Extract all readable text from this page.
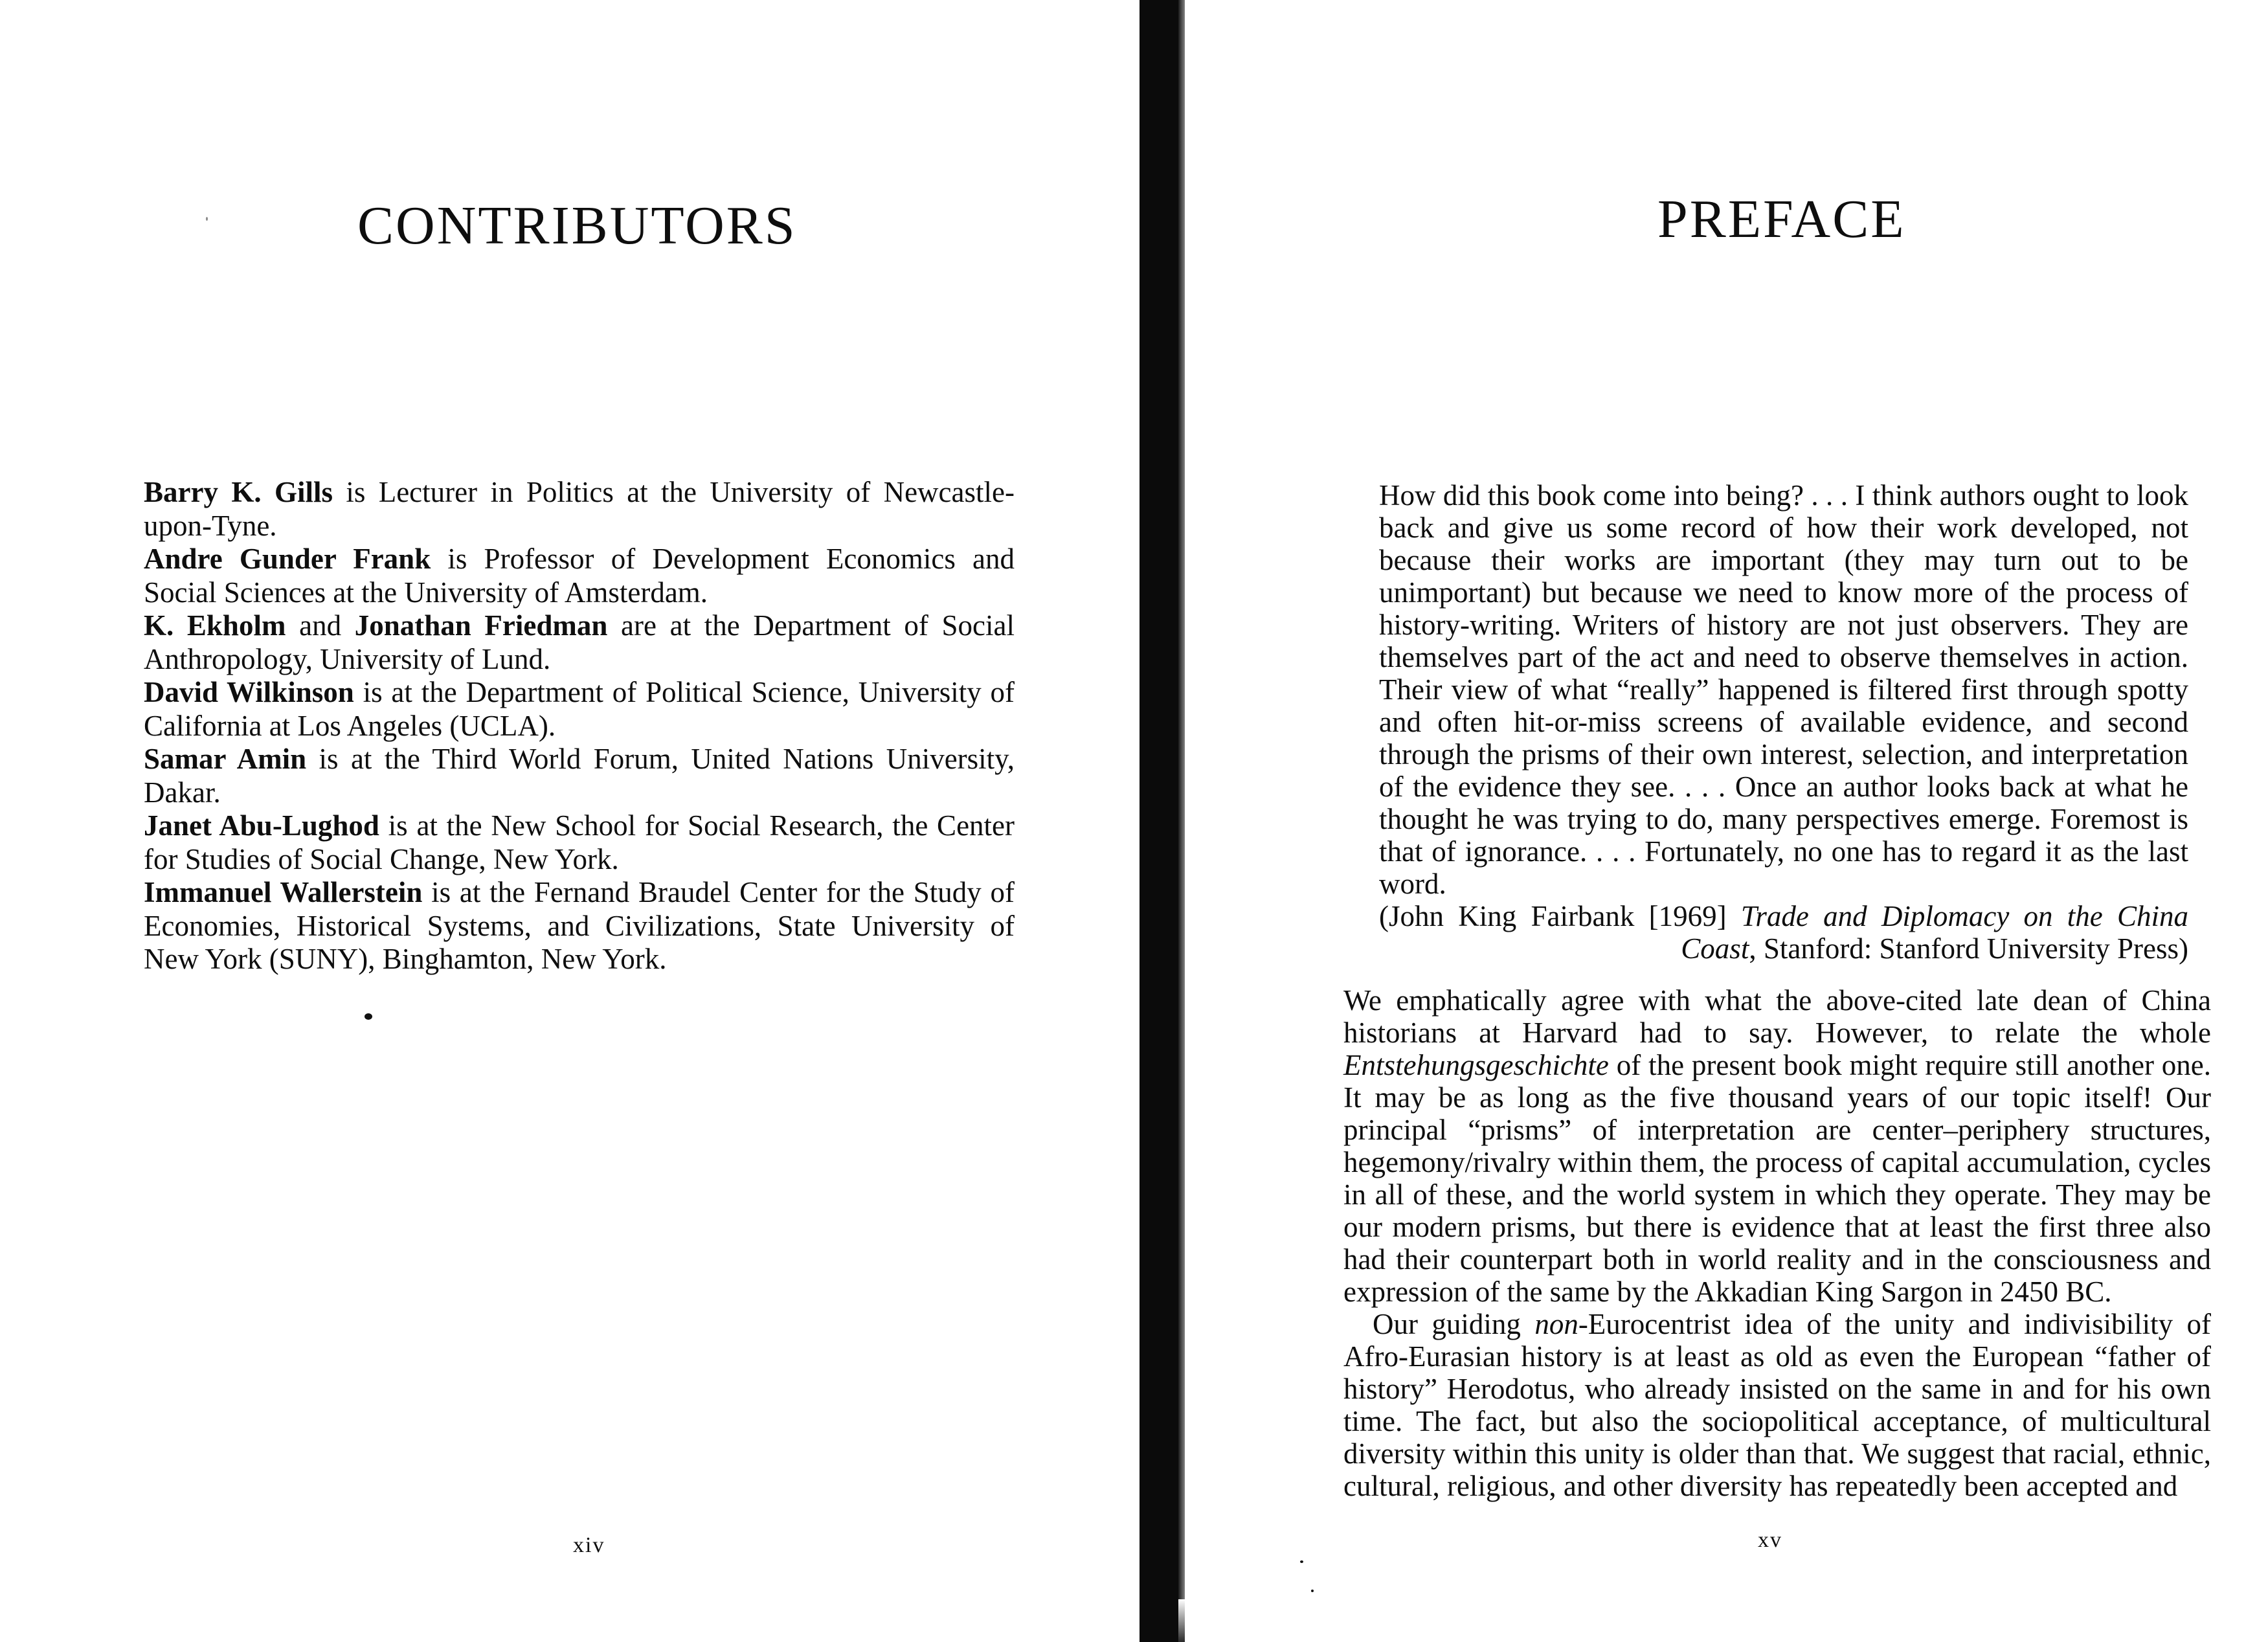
CONTRIBUTORS

Barry K. Gills is Lecturer in Politics at the University of Newcastle-upon-Tyne.

Andre Gunder Frank is Professor of Development Economics and Social Sciences at the University of Amsterdam.

K. Ekholm and Jonathan Friedman are at the Department of Social Anthropology, University of Lund.

David Wilkinson is at the Department of Political Science, University of California at Los Angeles (UCLA).

Samar Amin is at the Third World Forum, United Nations University, Dakar.

Janet Abu-Lughod is at the New School for Social Research, the Center for Studies of Social Change, New York.

Immanuel Wallerstein is at the Fernand Braudel Center for the Study of Economies, Historical Systems, and Civilizations, State University of New York (SUNY), Binghamton, New York.

xiv
PREFACE

How did this book come into being? . . . I think authors ought to look back and give us some record of how their work developed, not because their works are important (they may turn out to be unimportant) but because we need to know more of the process of history-writing. Writers of history are not just observers. They are themselves part of the act and need to observe themselves in action. Their view of what “really” happened is filtered first through spotty and often hit-or-miss screens of available evidence, and second through the prisms of their own interest, selection, and interpretation of the evidence they see. . . . Once an author looks back at what he thought he was trying to do, many perspectives emerge. Foremost is that of ignorance. . . . Fortunately, no one has to regard it as the last word.

(John King Fairbank [1969] Trade and Diplomacy on the China Coast, Stanford: Stanford University Press)

We emphatically agree with what the above-cited late dean of China historians at Harvard had to say. However, to relate the whole Entstehungsgeschichte of the present book might require still another one. It may be as long as the five thousand years of our topic itself! Our principal “prisms” of interpretation are center–periphery structures, hegemony/rivalry within them, the process of capital accumulation, cycles in all of these, and the world system in which they operate. They may be our modern prisms, but there is evidence that at least the first three also had their counterpart both in world reality and in the consciousness and expression of the same by the Akkadian King Sargon in 2450 BC.

Our guiding non-Eurocentrist idea of the unity and indivisibility of Afro-Eurasian history is at least as old as even the European “father of history” Herodotus, who already insisted on the same in and for his own time. The fact, but also the sociopolitical acceptance, of multicultural diversity within this unity is older than that. We suggest that racial, ethnic, cultural, religious, and other diversity has repeatedly been accepted and

xv
